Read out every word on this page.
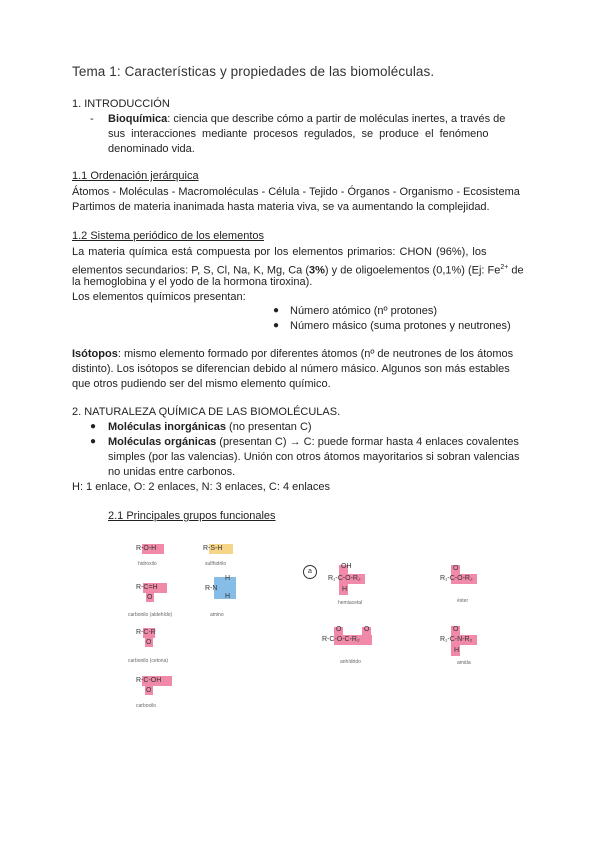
Tema 1: Características y propiedades de las biomoléculas.
1. INTRODUCCIÓN
- Bioquímica: ciencia que describe cómo a partir de moléculas inertes, a través de
sus interacciones mediante procesos regulados, se produce el fenómeno
denominado vida.
1.1 Ordenación jerárquica
Átomos - Moléculas - Macromoléculas - Célula - Tejido - Órganos - Organismo - Ecosistema
Partimos de materia inanimada hasta materia viva, se va aumentando la complejidad.
1.2 Sistema periódico de los elementos
La materia química está compuesta por los elementos primarios: CHON (96%), los
elementos secundarios: P, S, Cl, Na, K, Mg, Ca (3%) y de oligoelementos (0,1%) (Ej: $Fe^{2+}$ de
la hemoglobina y el yodo de la hormona tiroxina).
Los elementos químicos presentan:
● Número atómico (nº protones)
● Número másico (suma protones y neutrones)
Isótopos: mismo elemento formado por diferentes átomos (nº de neutrones de los átomos
distinto). Los isótopos se diferencian debido al número másico. Algunos son más estables
que otros pudiendo ser del mismo elemento químico.
2. NATURALEZA QUÍMICA DE LAS BIOMOLÉCULAS.
● Moléculas inorgánicas (no presentan C)
● Moléculas orgánicas (presentan C) → C: puede formar hasta 4 enlaces covalentes
simples (por las valencias). Unión con otros átomos mayoritarios si sobran valencias
no unidas entre carbonos.
H: 1 enlace, O: 2 enlaces, N: 3 enlaces, C: 4 enlaces
2.1 Principales grupos funcionales
R-O-H
hidroxilo
R-S-H
sulfhidrilo
R-C=H
O
carbonilo (aldehído)
H
R-N
H
amino
R-C-R
O
carbonilo (cetona)
R-C-OH
O
carboxilo
a
OH
R₁-C-O-R₂
H
hemiacetal
O
R₁-C-O-R₂
éster
O	O
R-C-O-C-R₂
anhídrido
O
R₁-C-N-R₂
H
amida
